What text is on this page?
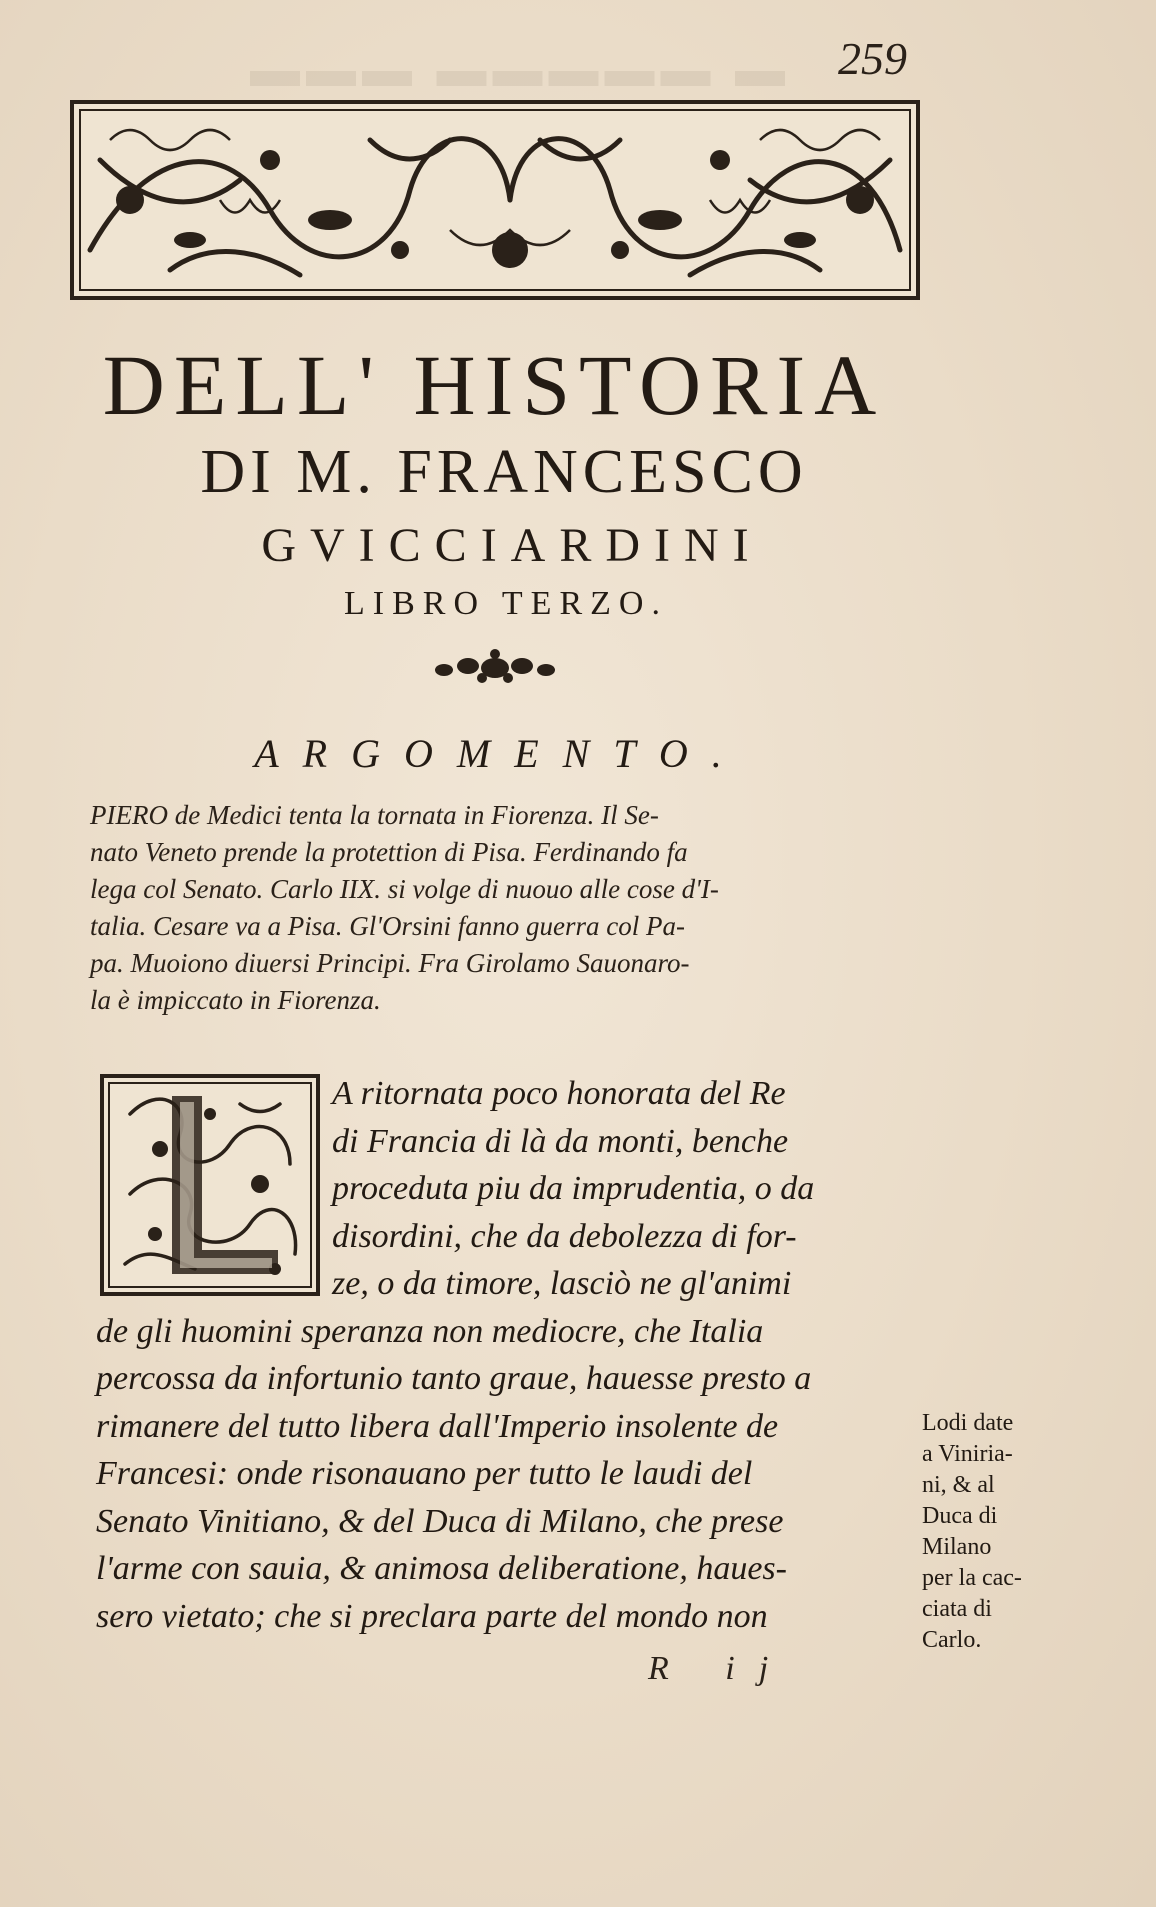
▬▬▬ ▬▬▬▬▬ ▬ 259
DELL' HISTORIA
DI M. FRANCESCO
GVICCIARDINI
LIBRO TERZO.
ARGOMENTO.
PIERO de Medici tenta la tornata in Fiorenza. Il Se-
nato Veneto prende la protettion di Pisa. Ferdinando fa
lega col Senato. Carlo IIX. si volge di nuouo alle cose d'I-
talia. Cesare va a Pisa. Gl'Orsini fanno guerra col Pa-
pa. Muoiono diuersi Principi. Fra Girolamo Sauonaro-
la è impiccato in Fiorenza.
A ritornata poco honorata del Re
di Francia di là da monti, benche
proceduta piu da imprudentia, o da
disordini, che da debolezza di for-
ze, o da timore, lasciò ne gl'animi
de gli huomini speranza non mediocre, che Italia
percossa da infortunio tanto graue, hauesse presto a
rimanere del tutto libera dall'Imperio insolente de
Francesi: onde risonauano per tutto le laudi del
Senato Vinitiano, & del Duca di Milano, che prese
l'arme con sauia, & animosa deliberatione, haues-
sero vietato; che si preclara parte del mondo non
Lodi date
a Viniria-
ni, & al
Duca di
Milano
per la cac-
ciata di
Carlo.
R ij
